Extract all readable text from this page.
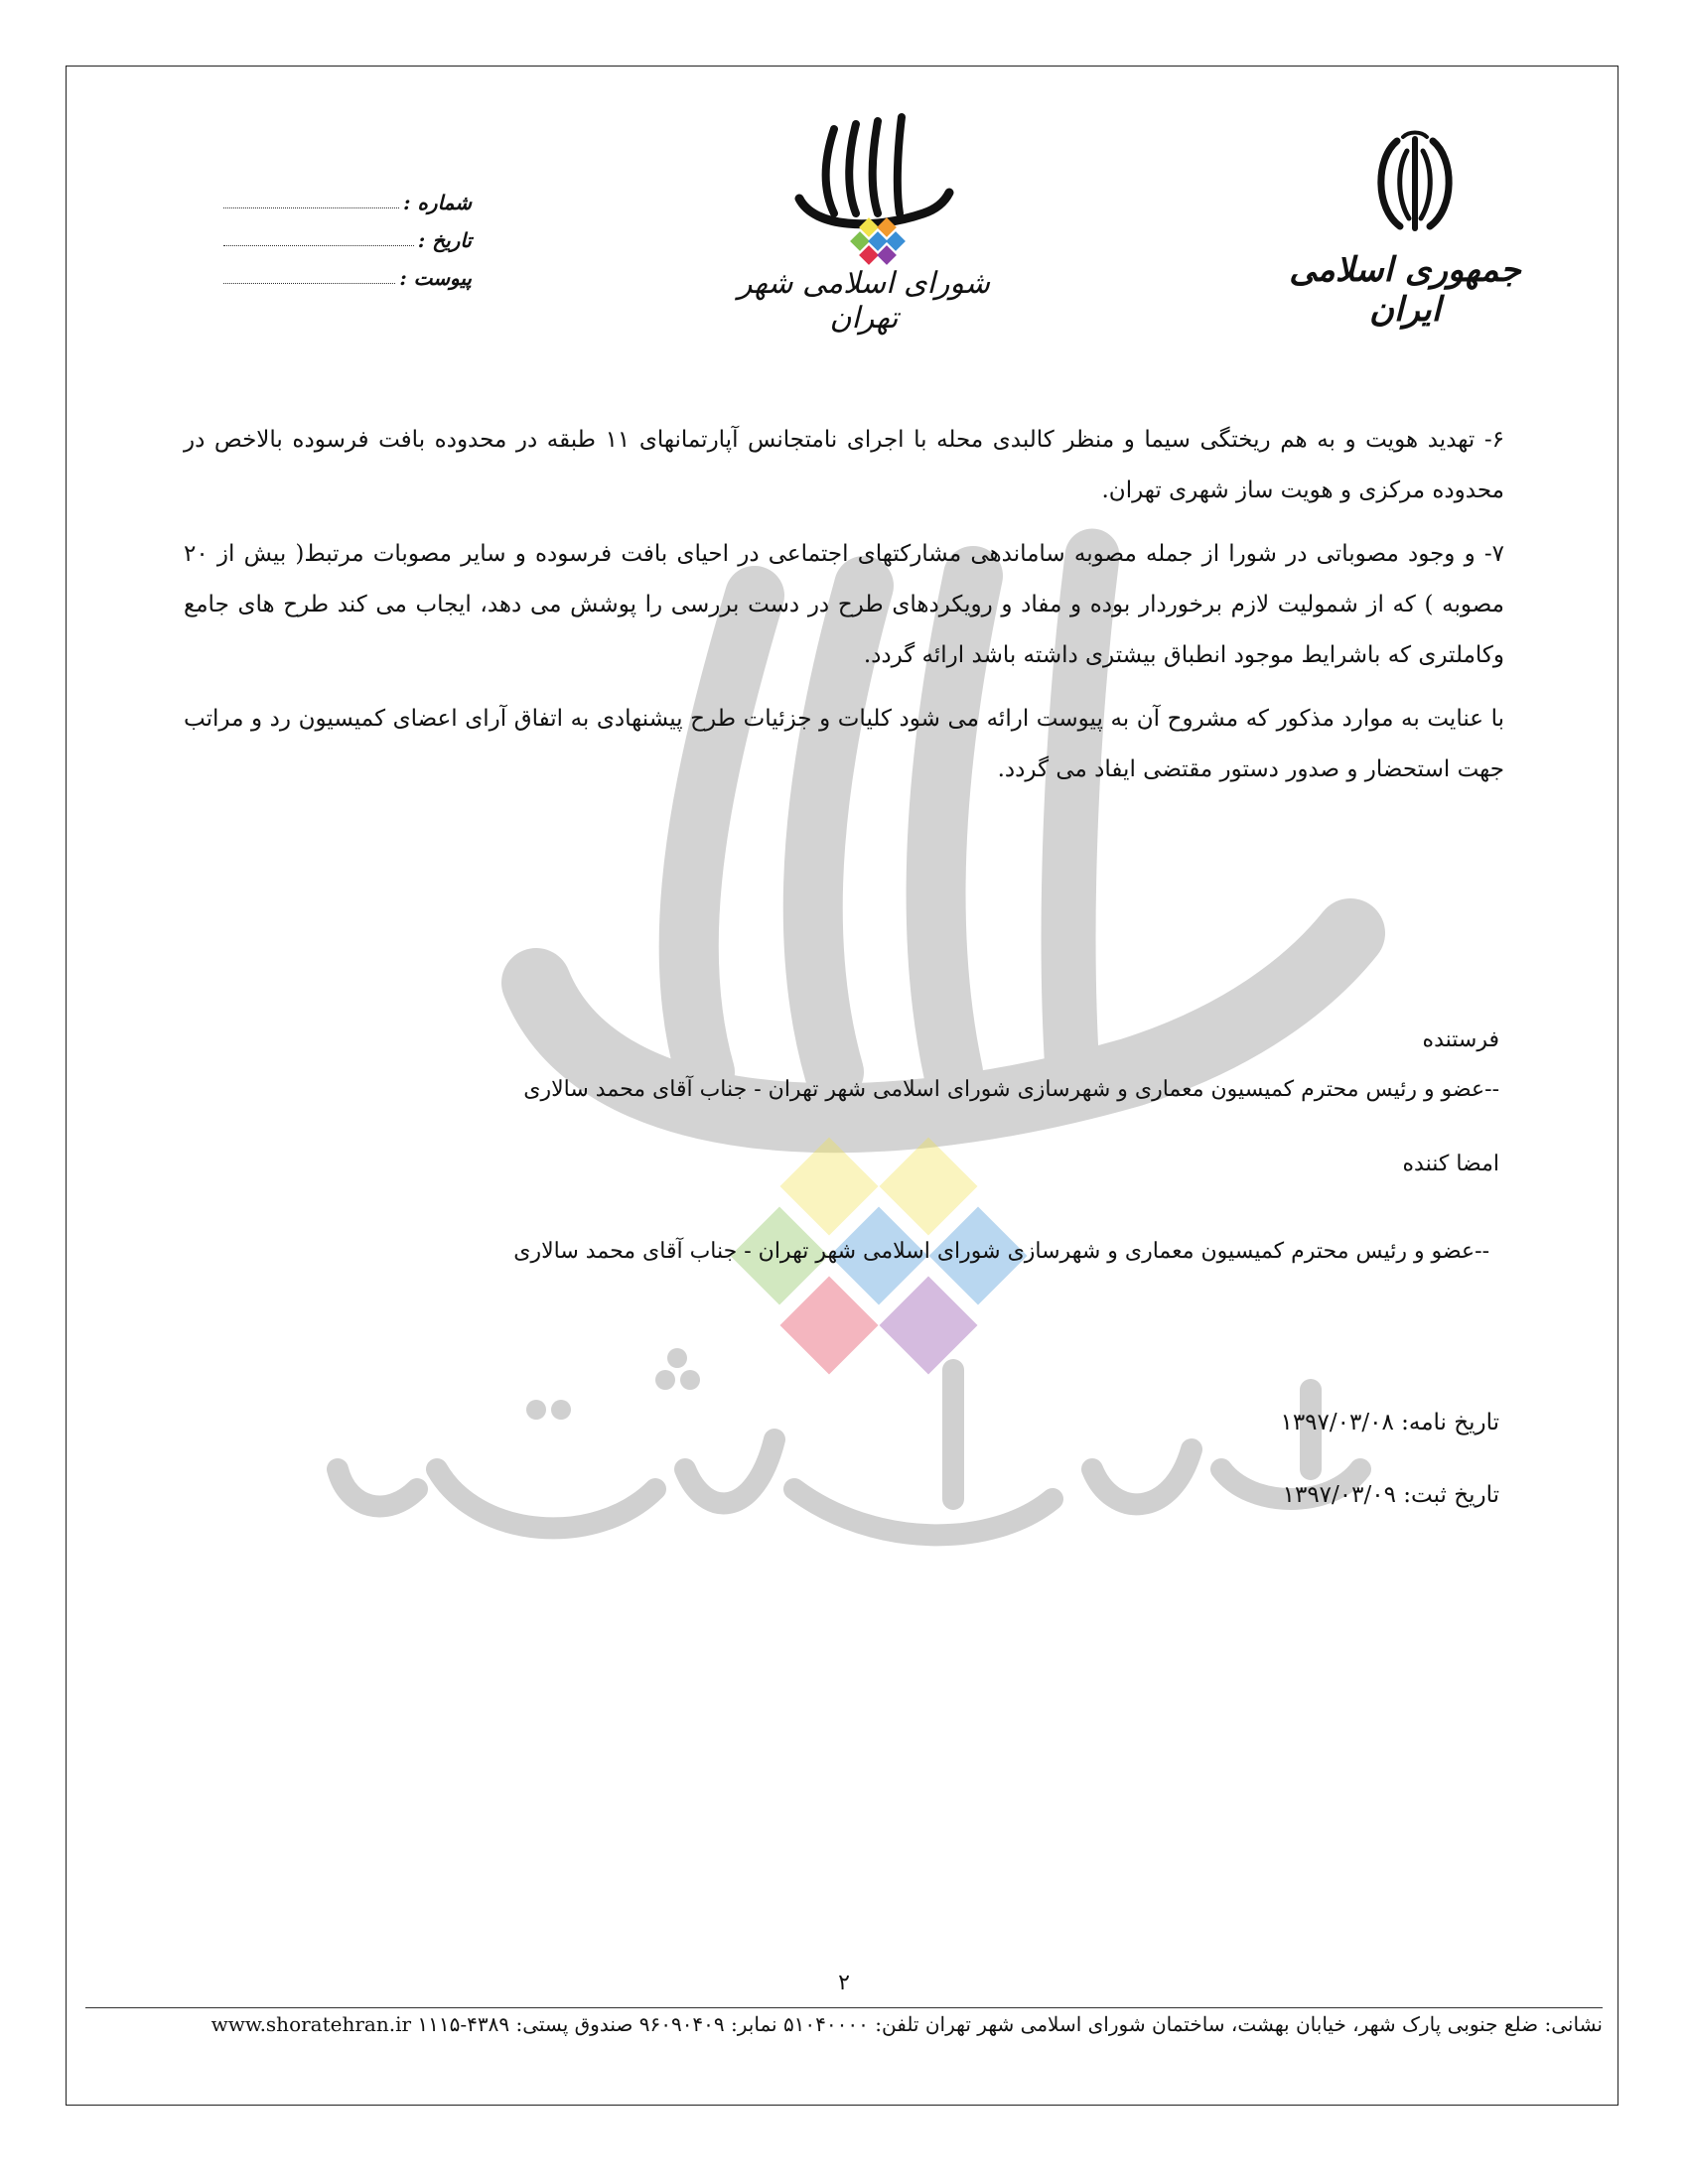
جمهوری اسلامی ایران
شورای اسلامی شهر تهران
شماره :
تاریخ :
پیوست :

۶- تهدید هویت و به هم ریختگی سیما و منظر کالبدی محله با اجرای نامتجانس آپارتمانهای ۱۱ طبقه در محدوده بافت فرسوده بالاخص در محدوده مرکزی و هویت ساز شهری تهران.

۷- و وجود مصوباتی در شورا از جمله مصوبه ساماندهی مشارکتهای اجتماعی در احیای بافت فرسوده و سایر مصوبات مرتبط( بیش از ۲۰ مصوبه ) که از شمولیت لازم برخوردار بوده و مفاد و رویکردهای طرح در دست بررسی را پوشش می دهد، ایجاب می کند طرح های جامع وکاملتری که باشرایط موجود انطباق بیشتری داشته باشد ارائه گردد.

با عنایت به موارد مذکور که مشروح آن به پیوست ارائه می شود کلیات و جزئیات طرح پیشنهادی به اتفاق آرای اعضای کمیسیون رد و مراتب جهت استحضار و صدور دستور مقتضی ایفاد می گردد.

فرستنده
--عضو و رئیس محترم کمیسیون معماری و شهرسازی شورای اسلامی شهر تهران - جناب آقای محمد سالاری
امضا کننده
--عضو و رئیس محترم کمیسیون معماری و شهرسازی شورای اسلامی شهر تهران - جناب آقای محمد سالاری
تاریخ نامه: ۱۳۹۷/۰۳/۰۸
تاریخ ثبت: ۱۳۹۷/۰۳/۰۹
۲
نشانی: ضلع جنوبی پارک شهر، خیابان بهشت، ساختمان شورای اسلامی شهر تهران تلفن: ۵۱۰۴۰۰۰۰ نمابر: ۹۶۰۹۰۴۰۹ صندوق پستی: ۴۳۸۹-۱۱۱۵ www.shoratehran.ir
